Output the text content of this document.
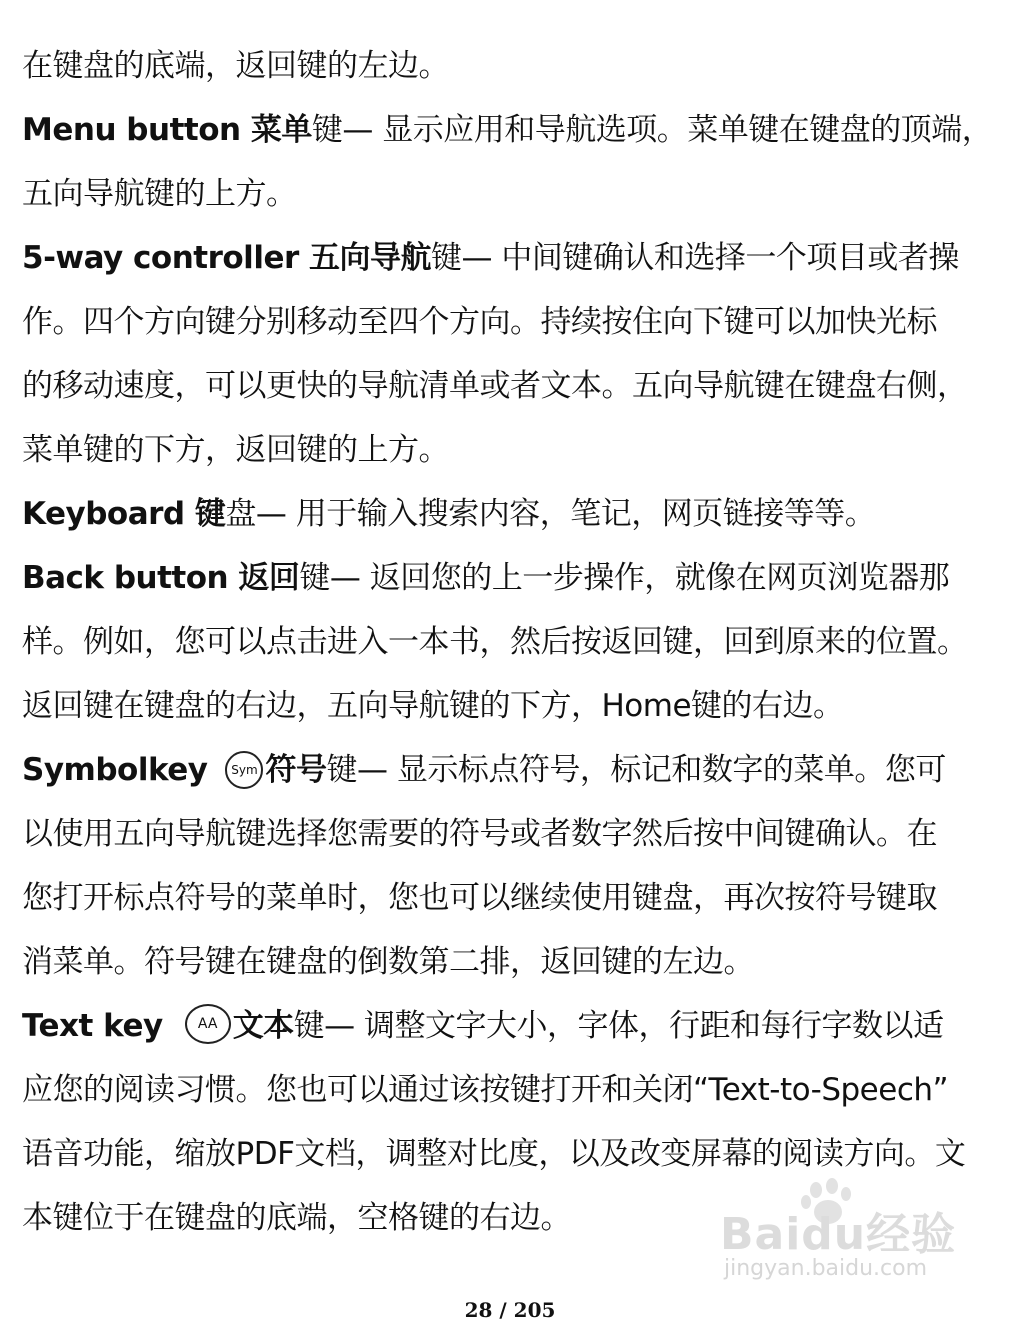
在键盘的底端，返回键的左边。
Menu button 菜单键— 显示应用和导航选项。菜单键在键盘的顶端，
五向导航键的上方。
5-way controller 五向导航键— 中间键确认和选择一个项目或者操
作。四个方向键分别移动至四个方向。持续按住向下键可以加快光标
的移动速度，可以更快的导航清单或者文本。五向导航键在键盘右侧，
菜单键的下方，返回键的上方。
Keyboard 键盘— 用于输入搜索内容，笔记，网页链接等等。
Back button 返回键— 返回您的上一步操作，就像在网页浏览器那
样。例如，您可以点击进入一本书，然后按返回键，回到原来的位置。
返回键在键盘的右边，五向导航键的下方，Home键的右边。
Symbolkey Sym 符号键— 显示标点符号，标记和数字的菜单。您可
以使用五向导航键选择您需要的符号或者数字然后按中间键确认。在
您打开标点符号的菜单时，您也可以继续使用键盘，再次按符号键取
消菜单。符号键在键盘的倒数第二排，返回键的左边。
Text key	AA 文本键— 调整文字大小，字体，行距和每行字数以适
应您的阅读习惯。您也可以通过该按键打开和关闭“Text-to-Speech”
语音功能，缩放PDF文档，调整对比度，以及改变屏幕的阅读方向。文
本键位于在键盘的底端，空格键的右边。	Baidu经验
jingyan.baidu.com
28 / 205
